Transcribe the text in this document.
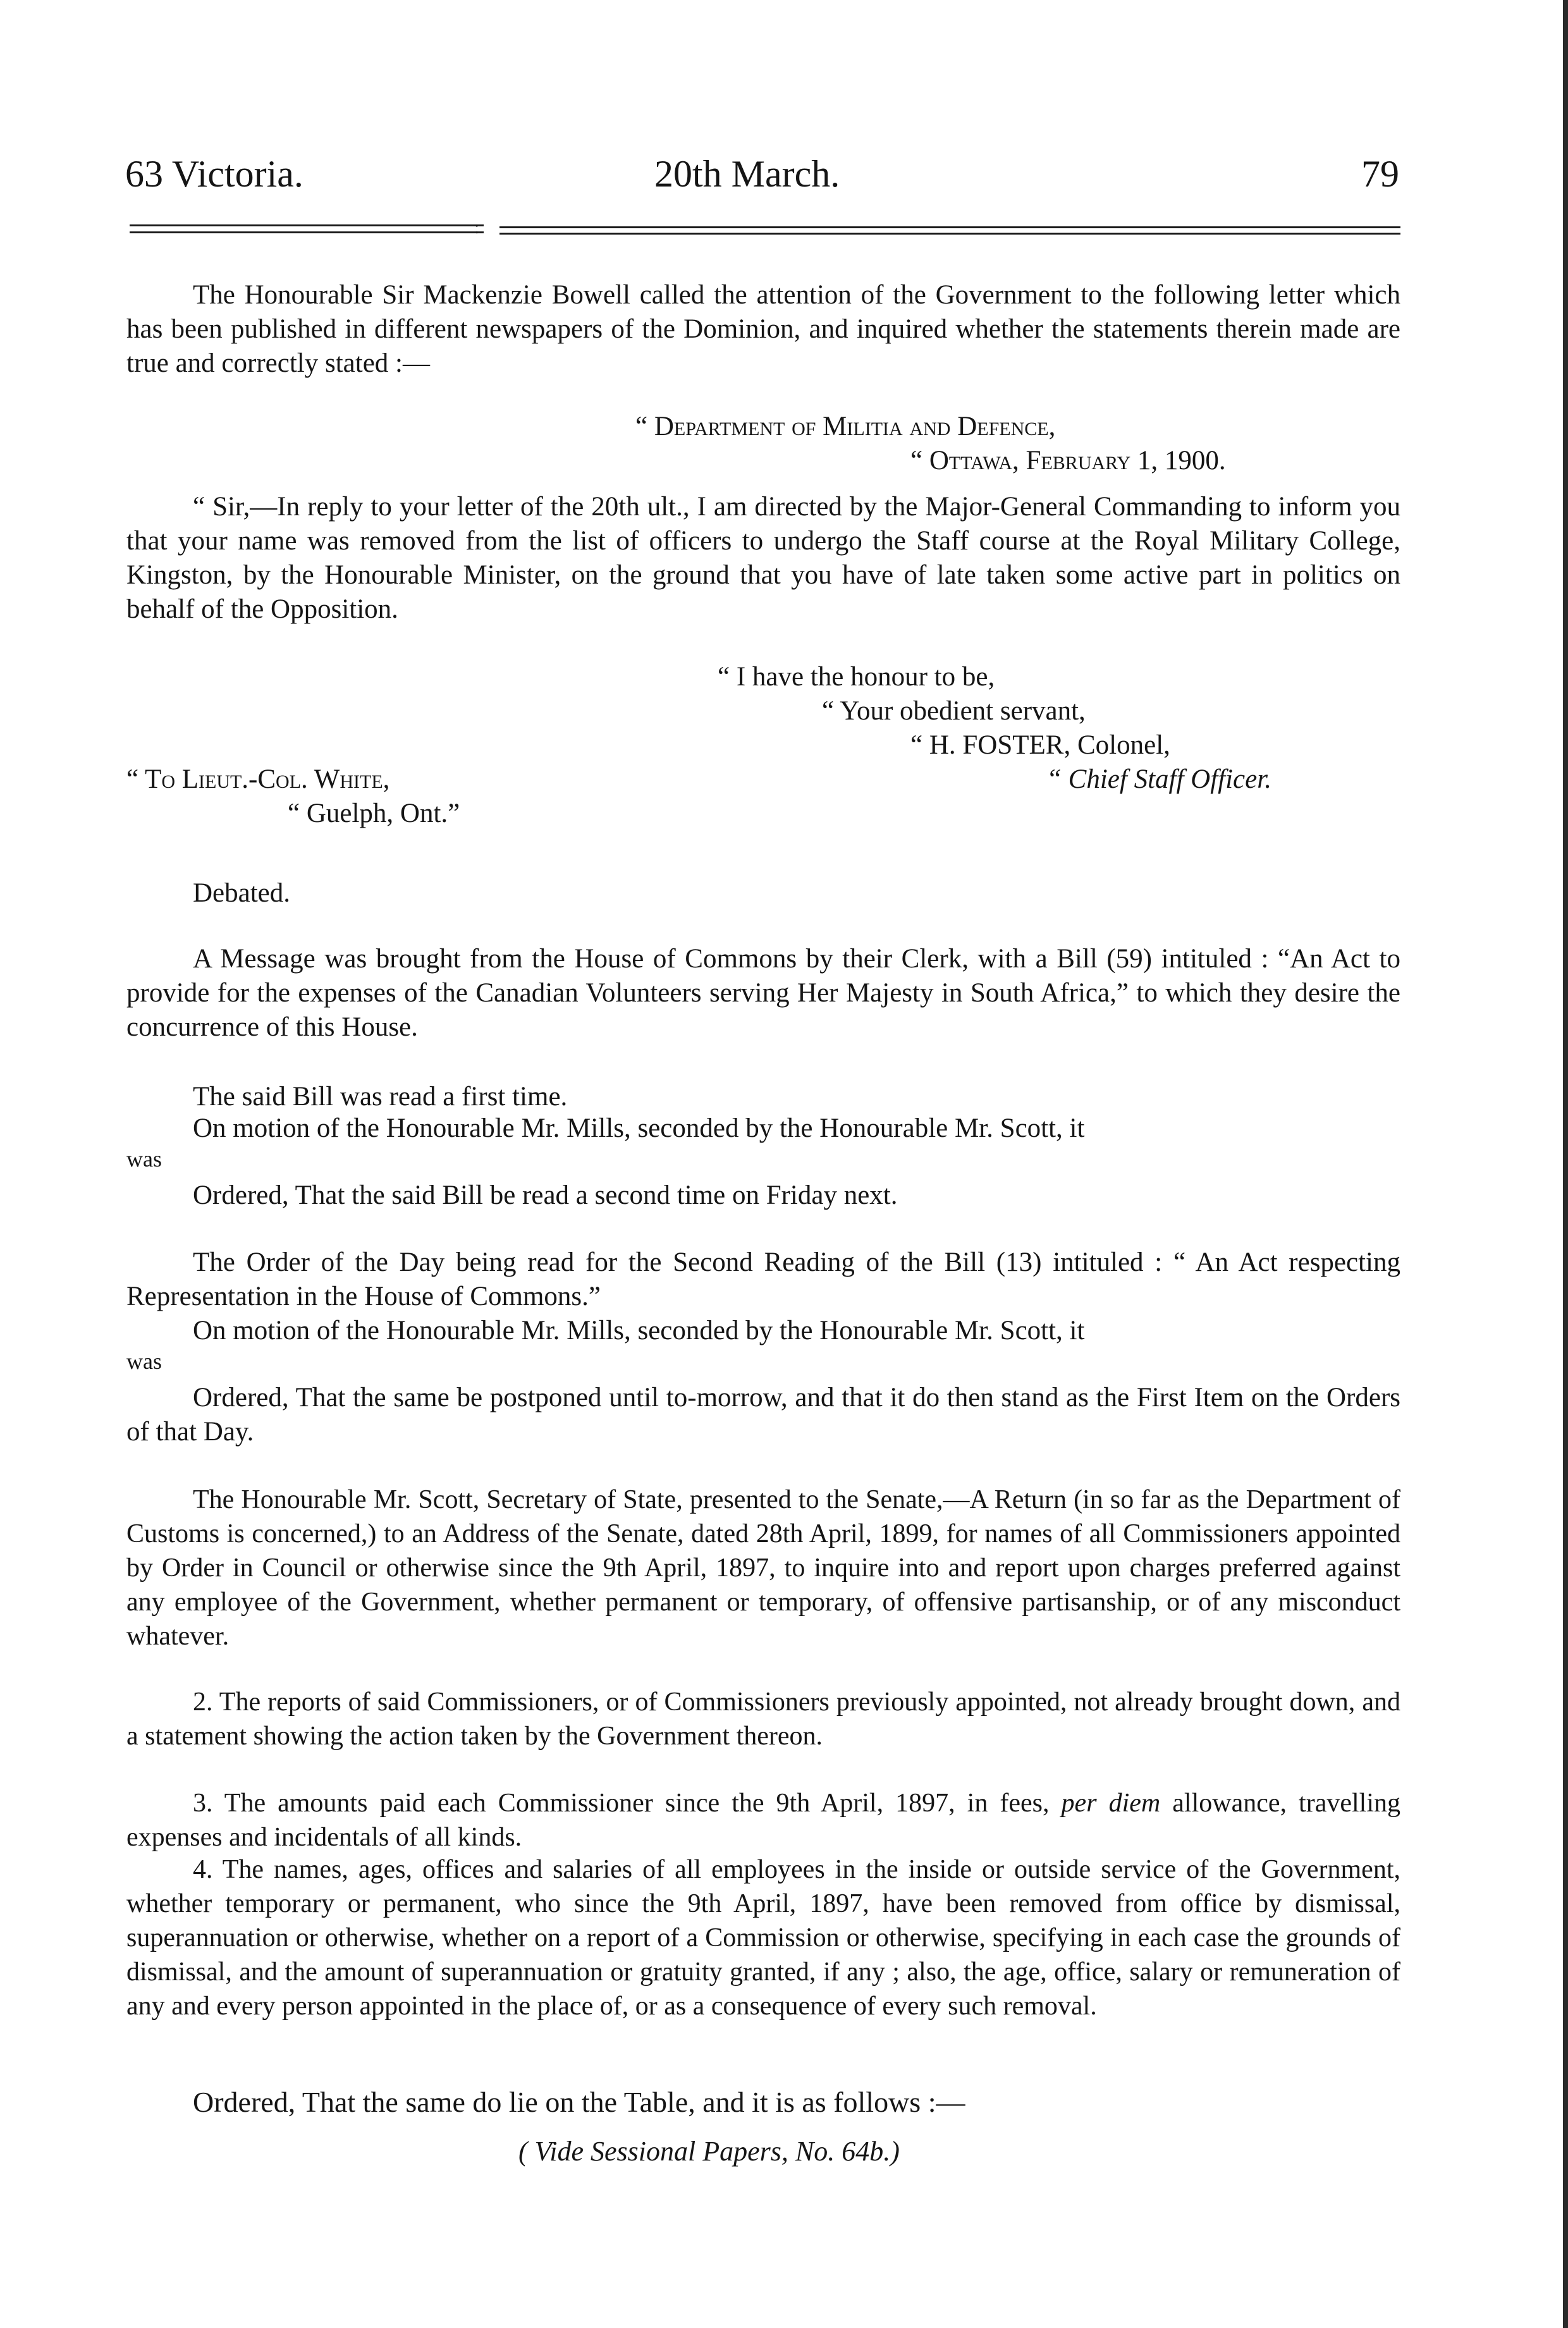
63 Victoria.	20th March.	79
:
The Honourable Sir Mackenzie Bowell called the attention of the Government to the following letter which has been published in different newspapers of the Dominion, and inquired whether the statements therein made are true and correctly stated :—
“ Department of Militia and Defence,
“ Ottawa, February 1, 1900.
“ Sir,—In reply to your letter of the 20th ult., I am directed by the Major-General Commanding to inform you that your name was removed from the list of officers to undergo the Staff course at the Royal Military College, Kingston, by the Honourable Minister, on the ground that you have of late taken some active part in politics on behalf of the Opposition.
“ I have the honour to be,
“ Your obedient servant,
“ H. FOSTER, Colonel,
“ Chief Staff Officer.
“ To Lieut.-Col. White,
“ Guelph, Ont.”
Debated.
A Message was brought from the House of Commons by their Clerk, with a Bill (59) intituled : “An Act to provide for the expenses of the Canadian Volunteers serving Her Majesty in South Africa,” to which they desire the concurrence of this House.
The said Bill was read a first time.
On motion of the Honourable Mr. Mills, seconded by the Honourable Mr. Scott, it
was
Ordered, That the said Bill be read a second time on Friday next.
The Order of the Day being read for the Second Reading of the Bill (13) intituled : “ An Act respecting Representation in the House of Commons.”
On motion of the Honourable Mr. Mills, seconded by the Honourable Mr. Scott, it
was
Ordered, That the same be postponed until to-morrow, and that it do then stand as the First Item on the Orders of that Day.
The Honourable Mr. Scott, Secretary of State, presented to the Senate,—A Return (in so far as the Department of Customs is concerned,) to an Address of the Senate, dated 28th April, 1899, for names of all Commissioners appointed by Order in Council or otherwise since the 9th April, 1897, to inquire into and report upon charges preferred against any employee of the Government, whether permanent or temporary, of offensive partisanship, or of any misconduct whatever.
2. The reports of said Commissioners, or of Commissioners previously appointed, not already brought down, and a statement showing the action taken by the Government thereon.
3. The amounts paid each Commissioner since the 9th April, 1897, in fees, per diem allowance, travelling expenses and incidentals of all kinds.
4. The names, ages, offices and salaries of all employees in the inside or outside service of the Government, whether temporary or permanent, who since the 9th April, 1897, have been removed from office by dismissal, superannuation or otherwise, whether on a report of a Commission or otherwise, specifying in each case the grounds of dismissal, and the amount of superannuation or gratuity granted, if any ; also, the age, office, salary or remuneration of any and every person appointed in the place of, or as a consequence of every such removal.
Ordered, That the same do lie on the Table, and it is as follows :—
( Vide Sessional Papers, No. 64b.)
